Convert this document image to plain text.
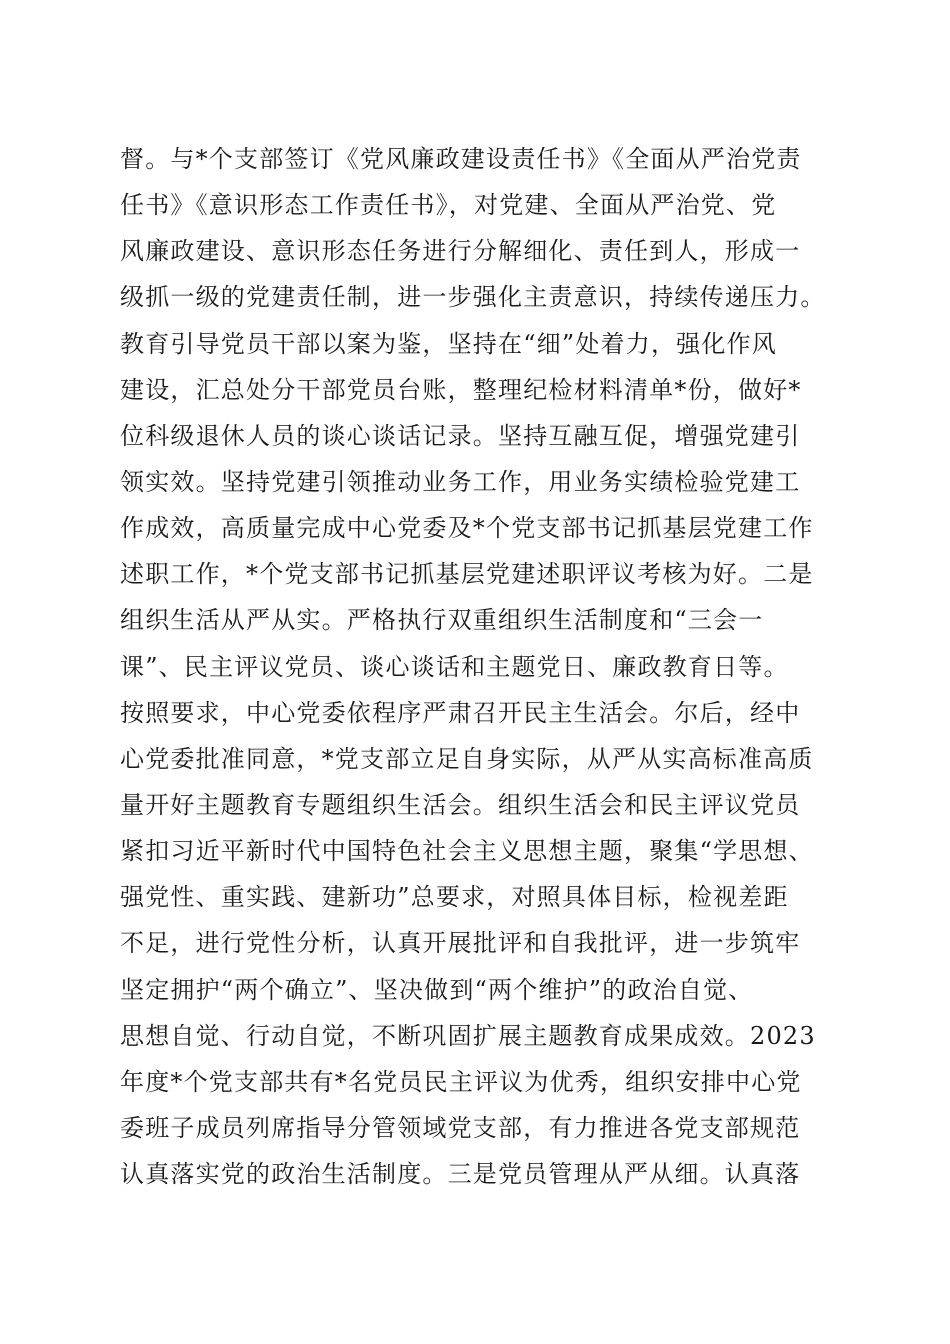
督。与*个支部签订《党风廉政建设责任书》《全面从严治党责
任书》《意识形态工作责任书》，对党建、全面从严治党、党
风廉政建设、意识形态任务进行分解细化、责任到人，形成一
级抓一级的党建责任制，进一步强化主责意识，持续传递压力。
教育引导党员干部以案为鉴，坚持在“细”处着力，强化作风
建设，汇总处分干部党员台账，整理纪检材料清单*份，做好*
位科级退休人员的谈心谈话记录。坚持互融互促，增强党建引
领实效。坚持党建引领推动业务工作，用业务实绩检验党建工
作成效，高质量完成中心党委及*个党支部书记抓基层党建工作
述职工作，*个党支部书记抓基层党建述职评议考核为好。二是
组织生活从严从实。严格执行双重组织生活制度和“三会一
课”、民主评议党员、谈心谈话和主题党日、廉政教育日等。
按照要求，中心党委依程序严肃召开民主生活会。尔后，经中
心党委批准同意，*党支部立足自身实际，从严从实高标准高质
量开好主题教育专题组织生活会。组织生活会和民主评议党员
紧扣习近平新时代中国特色社会主义思想主题，聚集“学思想、
强党性、重实践、建新功”总要求，对照具体目标，检视差距
不足，进行党性分析，认真开展批评和自我批评，进一步筑牢
坚定拥护“两个确立”、坚决做到“两个维护”的政治自觉、
思想自觉、行动自觉，不断巩固扩展主题教育成果成效。2023
年度*个党支部共有*名党员民主评议为优秀，组织安排中心党
委班子成员列席指导分管领域党支部，有力推进各党支部规范
认真落实党的政治生活制度。三是党员管理从严从细。认真落
